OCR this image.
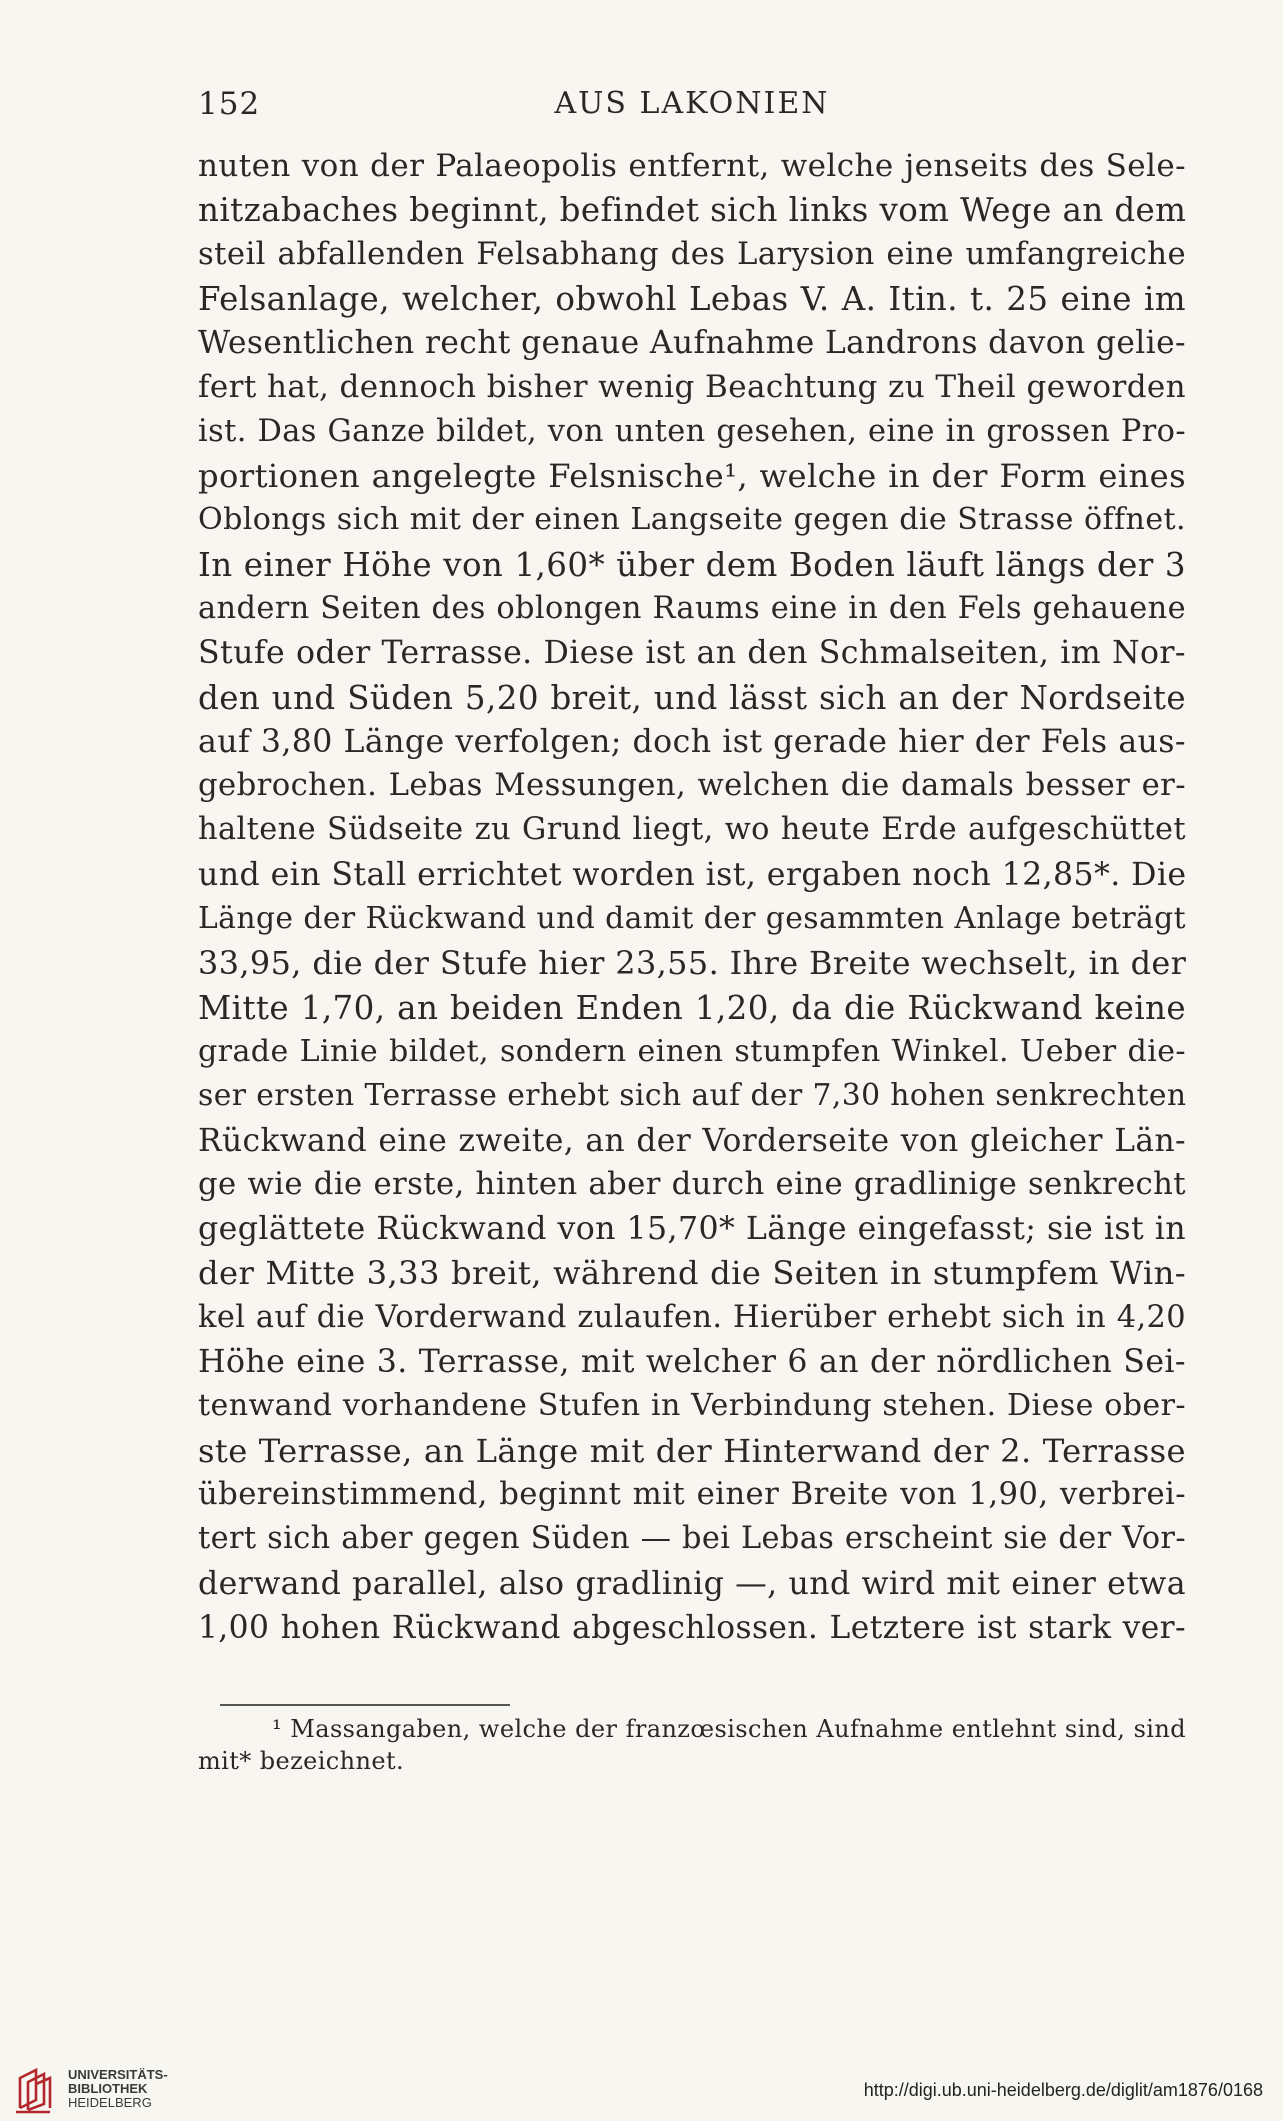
152	AUS LAKONIEN
nuten von der Palaeopolis entfernt, welche jenseits des Sele-
nitzabaches beginnt, befindet sich links vom Wege an dem
steil abfallenden Felsabhang des Larysion eine umfangreiche
Felsanlage, welcher, obwohl Lebas V. A. Itin. t. 25 eine im
Wesentlichen recht genaue Aufnahme Landrons davon gelie-
fert hat, dennoch bisher wenig Beachtung zu Theil geworden
ist. Das Ganze bildet, von unten gesehen, eine in grossen Pro-
portionen angelegte Felsnische¹, welche in der Form eines
Oblongs sich mit der einen Langseite gegen die Strasse öffnet.
In einer Höhe von 1,60* über dem Boden läuft längs der 3
andern Seiten des oblongen Raums eine in den Fels gehauene
Stufe oder Terrasse. Diese ist an den Schmalseiten, im Nor-
den und Süden 5,20 breit, und lässt sich an der Nordseite
auf 3,80 Länge verfolgen; doch ist gerade hier der Fels aus-
gebrochen. Lebas Messungen, welchen die damals besser er-
haltene Südseite zu Grund liegt, wo heute Erde aufgeschüttet
und ein Stall errichtet worden ist, ergaben noch 12,85*. Die
Länge der Rückwand und damit der gesammten Anlage beträgt
33,95, die der Stufe hier 23,55. Ihre Breite wechselt, in der
Mitte 1,70, an beiden Enden 1,20, da die Rückwand keine
grade Linie bildet, sondern einen stumpfen Winkel. Ueber die-
ser ersten Terrasse erhebt sich auf der 7,30 hohen senkrechten
Rückwand eine zweite, an der Vorderseite von gleicher Län-
ge wie die erste, hinten aber durch eine gradlinige senkrecht
geglättete Rückwand von 15,70* Länge eingefasst; sie ist in
der Mitte 3,33 breit, während die Seiten in stumpfem Win-
kel auf die Vorderwand zulaufen. Hierüber erhebt sich in 4,20
Höhe eine 3. Terrasse, mit welcher 6 an der nördlichen Sei-
tenwand vorhandene Stufen in Verbindung stehen. Diese ober-
ste Terrasse, an Länge mit der Hinterwand der 2. Terrasse
übereinstimmend, beginnt mit einer Breite von 1,90, verbrei-
tert sich aber gegen Süden — bei Lebas erscheint sie der Vor-
derwand parallel, also gradlinig —, und wird mit einer etwa
1,00 hohen Rückwand abgeschlossen. Letztere ist stark ver-
¹ Massangaben, welche der franzœsischen Aufnahme entlehnt sind, sind
mit* bezeichnet.
UNIVERSITÄTS-
BIBLIOTHEK
HEIDELBERG
http://digi.ub.uni-heidelberg.de/diglit/am1876/0168
